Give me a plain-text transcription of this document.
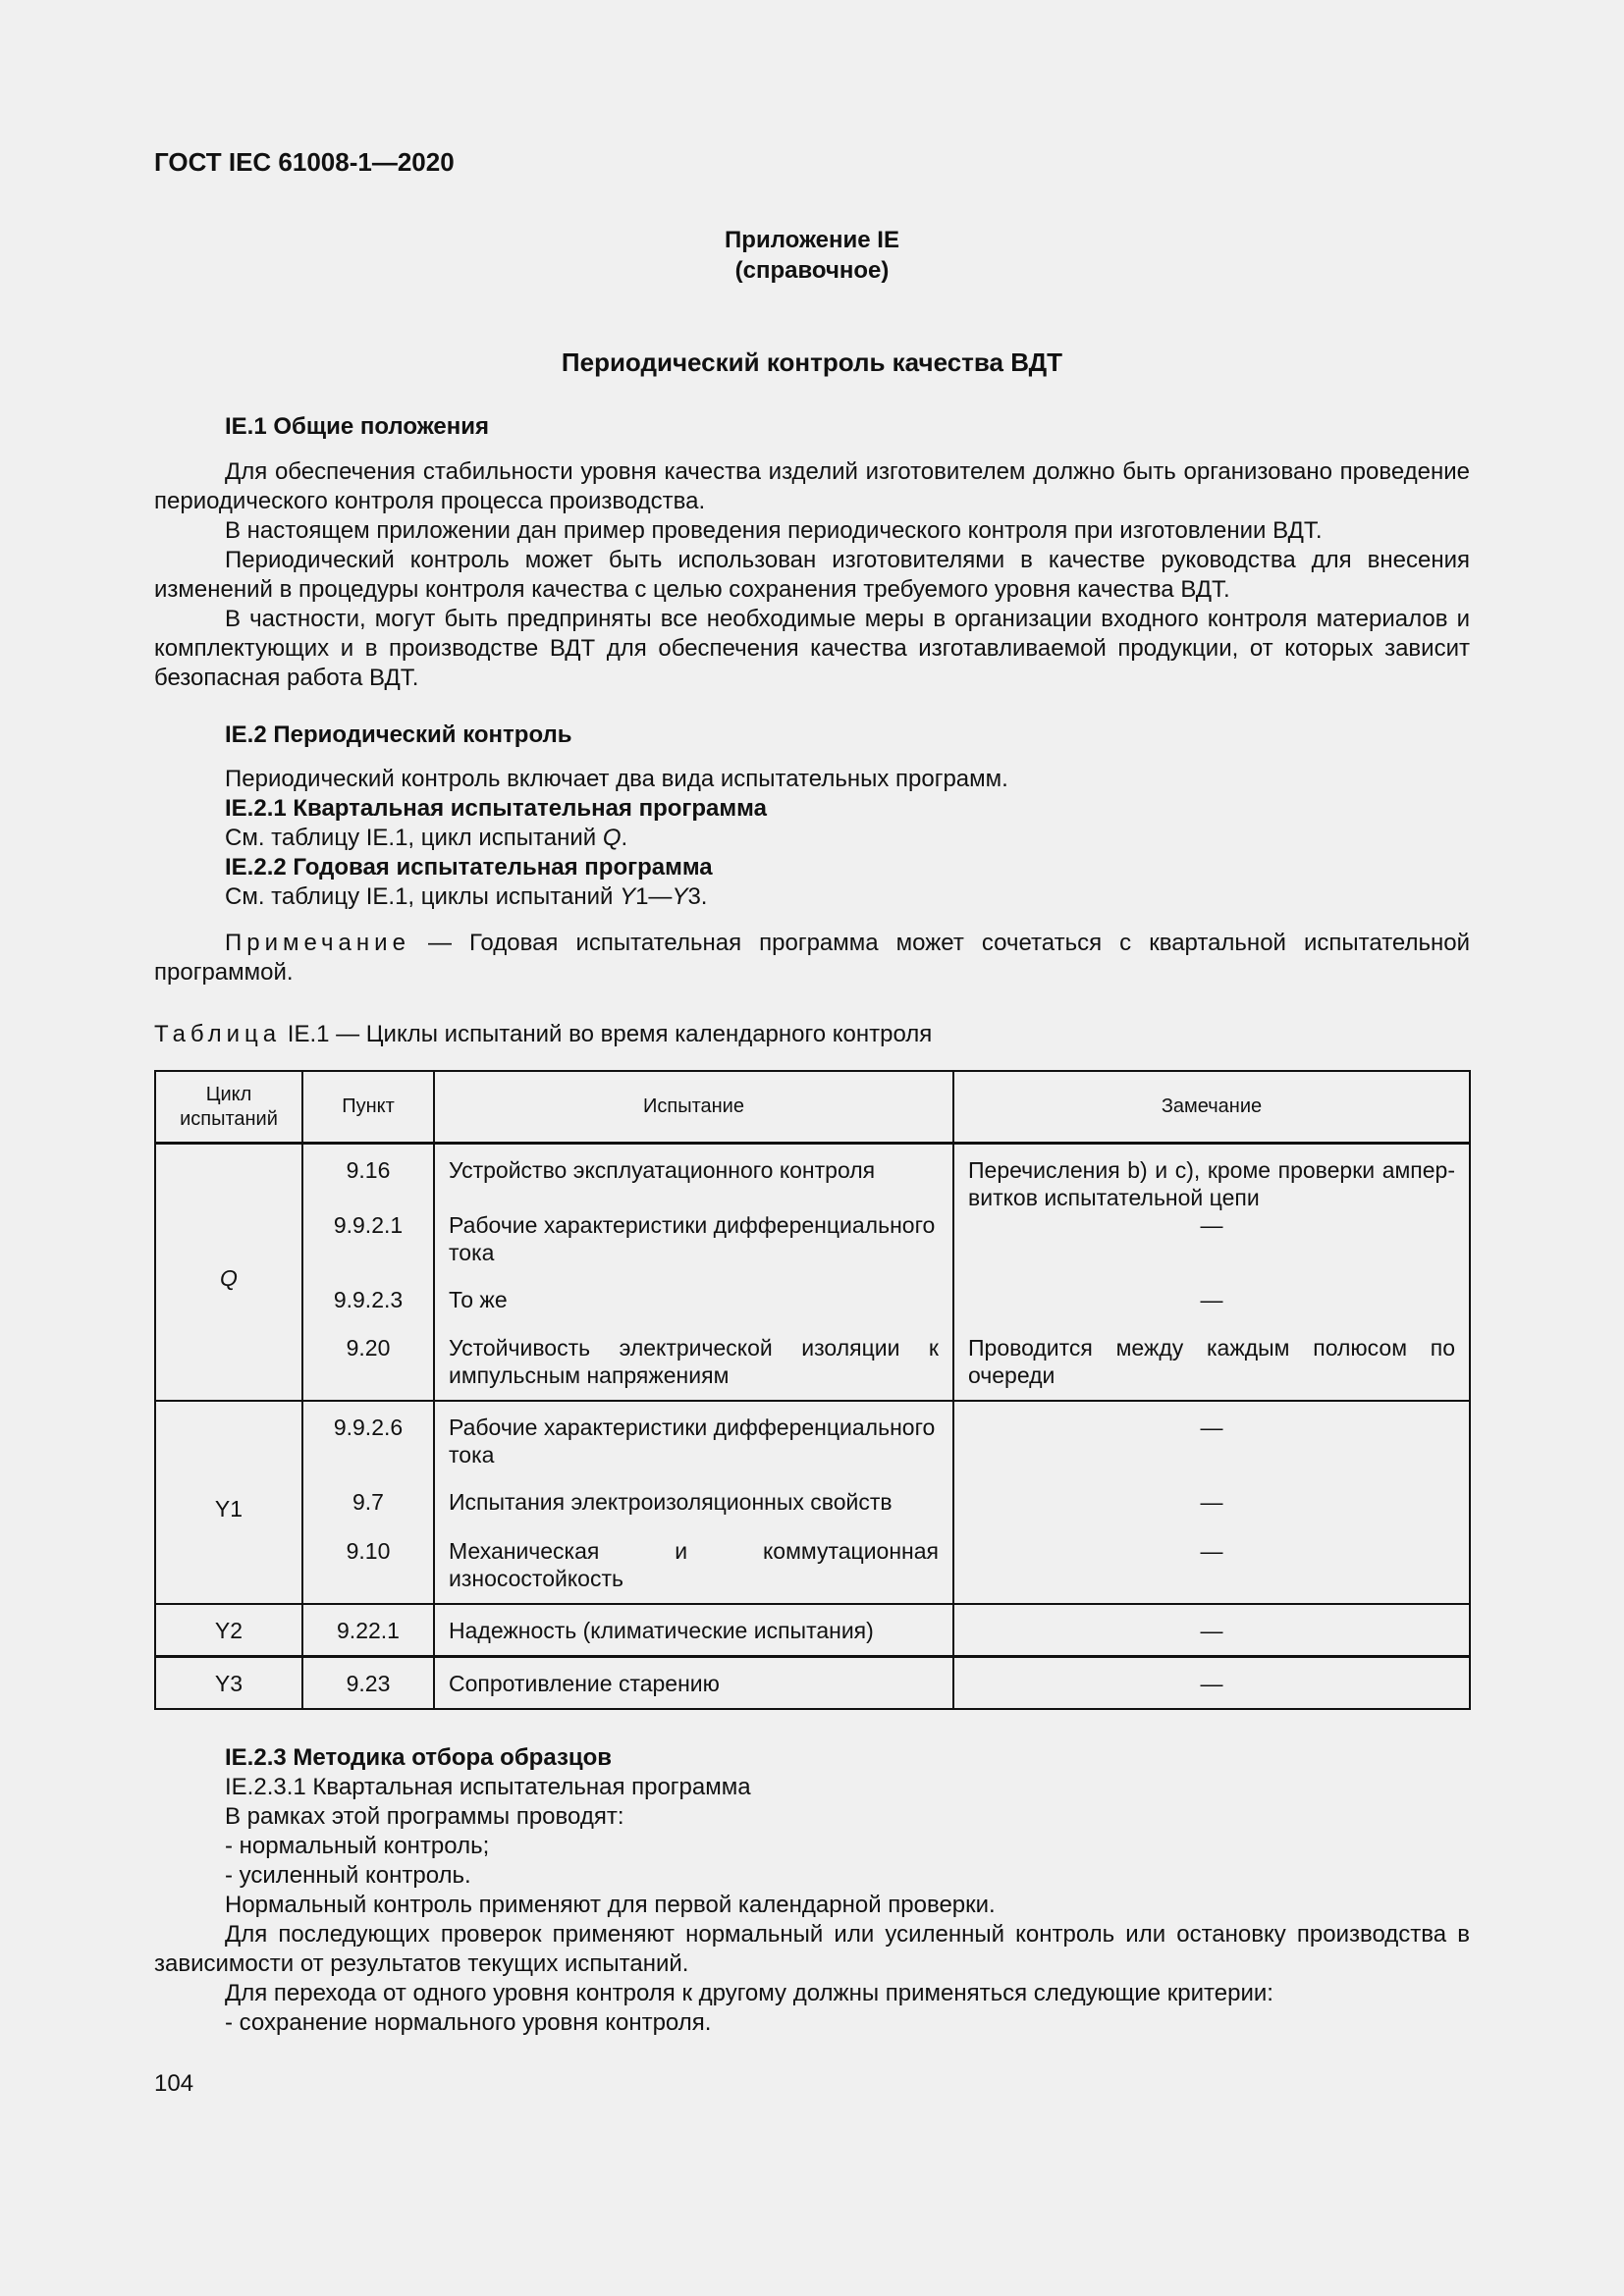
ГОСТ IEC 61008-1—2020
Приложение IE
(справочное)
Периодический контроль качества ВДТ
IE.1 Общие положения

Для обеспечения стабильности уровня качества изделий изготовителем должно быть организовано проведение периодического контроля процесса производства.

В настоящем приложении дан пример проведения периодического контроля при изготовлении ВДТ.

Периодический контроль может быть использован изготовителями в качестве руководства для внесения изменений в процедуры контроля качества с целью сохранения требуемого уровня качества ВДТ.

В частности, могут быть предприняты все необходимые меры в организации входного контроля материалов и комплектующих и в производстве ВДТ для обеспечения качества изготавливаемой продукции, от которых зависит безопасная работа ВДТ.

IE.2 Периодический контроль
Периодический контроль включает два вида испытательных программ.
IE.2.1 Квартальная испытательная программа
См. таблицу IE.1, цикл испытаний Q.
IE.2.2 Годовая испытательная программа
См. таблицу IE.1, циклы испытаний Y1—Y3.
Примечание — Годовая испытательная программа может сочетаться с квартальной испытательной программой.
Таблица IE.1 — Циклы испытаний во время календарного контроля
Цикл испытаний	Пункт	Испытание	Замечание
Q	9.16	Устройство эксплуатационного контроля	Перечисления b) и c), кроме проверки ампер-витков испытательной цепи
	9.9.2.1	Рабочие характеристики дифференциального тока	—
	9.9.2.3	То же	—
	9.20	Устойчивость электрической изоляции к импульсным напряжениям	Проводится между каждым полюсом по очереди
Y1	9.9.2.6	Рабочие характеристики дифференциального тока	—
	9.7	Испытания электроизоляционных свойств	—
	9.10	Механическая и коммутационная износостойкость	—
Y2	9.22.1	Надежность (климатические испытания)	—
Y3	9.23	Сопротивление старению	—
IE.2.3 Методика отбора образцов
IE.2.3.1 Квартальная испытательная программа
В рамках этой программы проводят:
- нормальный контроль;
- усиленный контроль.
Нормальный контроль применяют для первой календарной проверки.
Для последующих проверок применяют нормальный или усиленный контроль или остановку производства в зависимости от результатов текущих испытаний.
Для перехода от одного уровня контроля к другому должны применяться следующие критерии:
- сохранение нормального уровня контроля.
104
